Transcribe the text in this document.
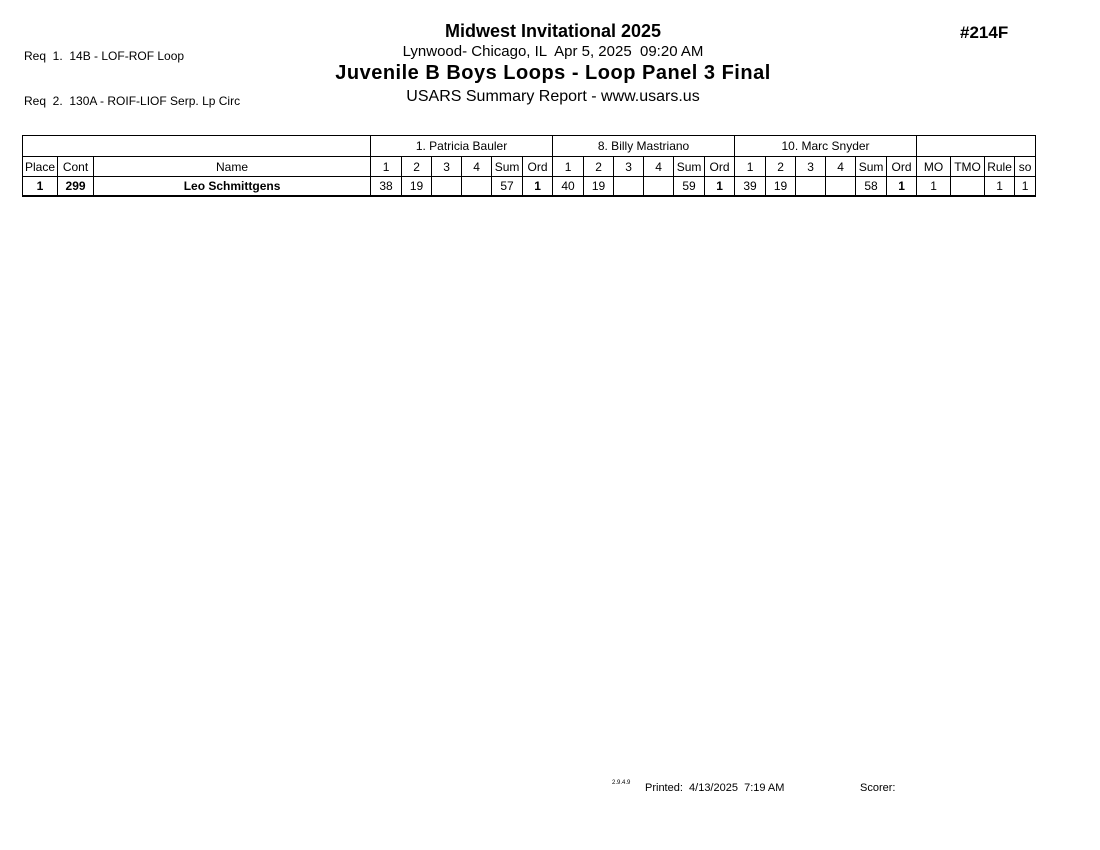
Req  1.  14B - LOF-ROF Loop

Req  2.  130A - ROIF-LIOF Serp. Lp Circ

Midwest Invitational 2025
Lynwood- Chicago, IL  Apr 5, 2025  09:20 AM
Juvenile B Boys Loops - Loop Panel 3 Final
USARS Summary Report - www.usars.us
#214F
			1. Patricia Bauler						8. Billy Mastriano						10. Marc Snyder									
Place	Cont	Name	1	2	3	4	Sum	Ord	1	2	3	4	Sum	Ord	1	2	3	4	Sum	Ord	MO	TMO	Rule	so
1	299	Leo Schmittgens	38	19			57	1	40	19			59	1	39	19			58	1	1		1	1
2.9.4.9 Printed:  4/13/2025  7:19 AM	Scorer:
